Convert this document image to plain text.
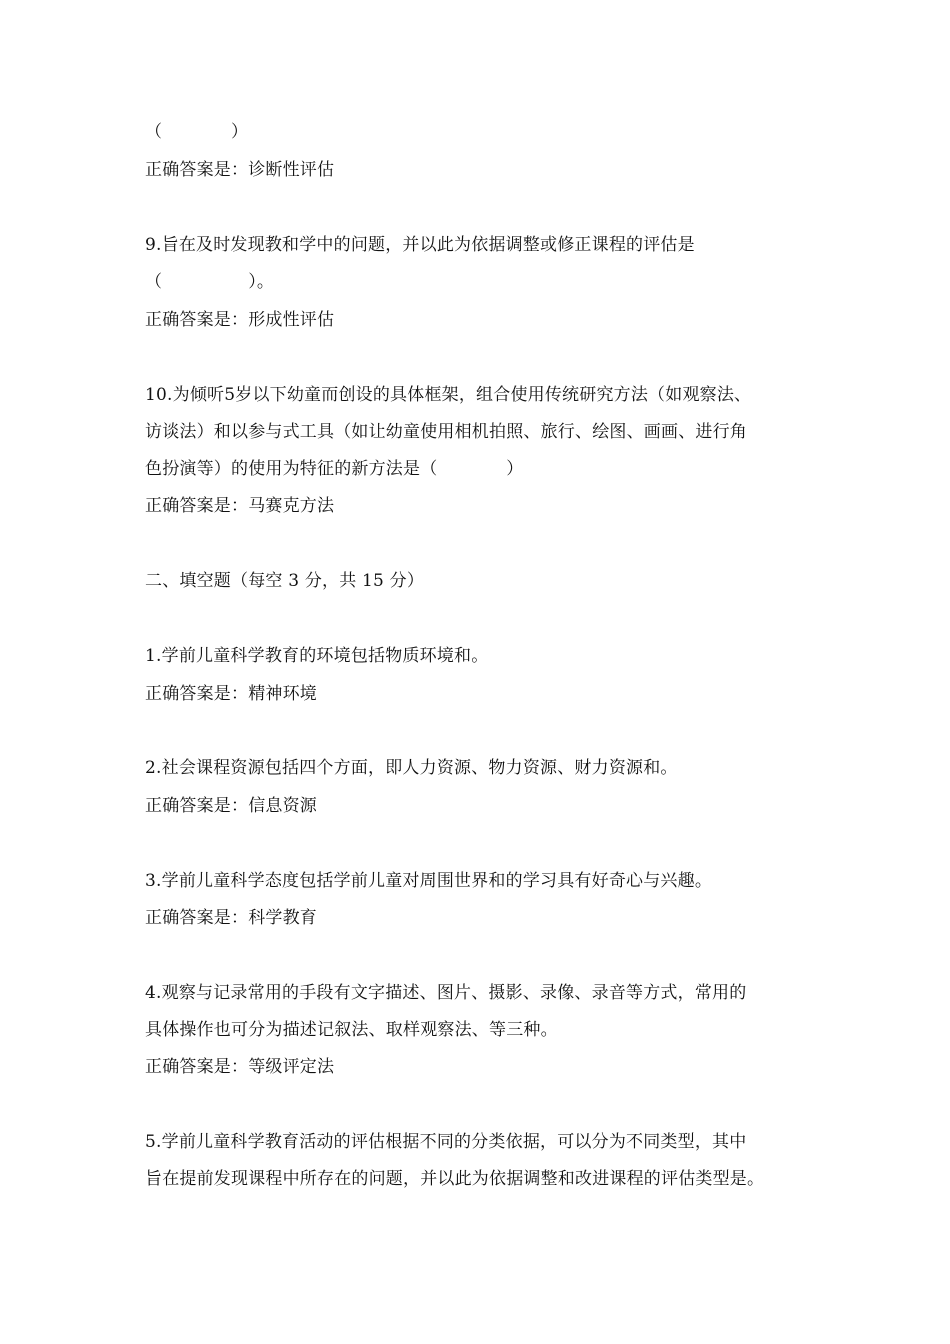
（　　　　）
正确答案是：诊断性评估
9.旨在及时发现教和学中的问题，并以此为依据调整或修正课程的评估是
（　　　　　）。
正确答案是：形成性评估
10.为倾听5岁以下幼童而创设的具体框架，组合使用传统研究方法（如观察法、
访谈法）和以参与式工具（如让幼童使用相机拍照、旅行、绘图、画画、进行角
色扮演等）的使用为特征的新方法是（　　　　）
正确答案是：马赛克方法
二、填空题（每空 3 分，共 15 分）
1.学前儿童科学教育的环境包括物质环境和。
正确答案是：精神环境
2.社会课程资源包括四个方面，即人力资源、物力资源、财力资源和。
正确答案是：信息资源
3.学前儿童科学态度包括学前儿童对周围世界和的学习具有好奇心与兴趣。
正确答案是：科学教育
4.观察与记录常用的手段有文字描述、图片、摄影、录像、录音等方式，常用的
具体操作也可分为描述记叙法、取样观察法、等三种。
正确答案是：等级评定法
5.学前儿童科学教育活动的评估根据不同的分类依据，可以分为不同类型，其中
旨在提前发现课程中所存在的问题，并以此为依据调整和改进课程的评估类型是。
